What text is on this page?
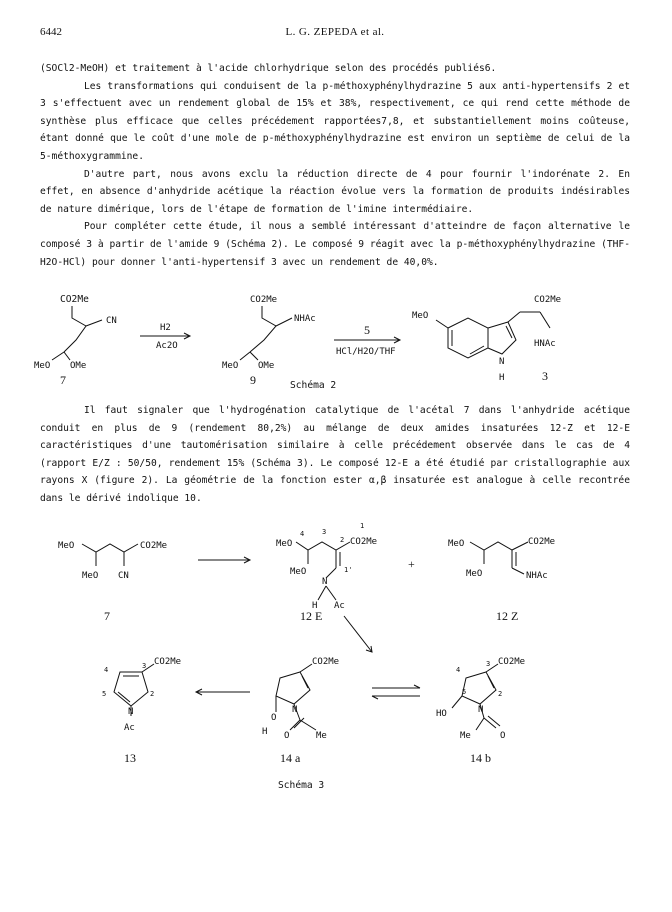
6442	L. G. ZEPEDA et al.

(SOCl2-MeOH) et traitement à l'acide chlorhydrique selon des procédés publiés6.

Les transformations qui conduisent de la p-méthoxyphénylhydrazine 5 aux anti-hypertensifs 2 et 3 s'effectuent avec un rendement global de 15% et 38%, respectivement, ce qui rend cette méthode de synthèse plus efficace que celles précédement rapportées7,8, et substantiellement moins coûteuse, étant donné que le coût d'une mole de p-méthoxyphénylhydrazine est environ un septième de celui de la 5-méthoxygrammine.

D'autre part, nous avons exclu la réduction directe de 4 pour fournir l'indorénate 2. En effet, en absence d'anhydride acétique la réaction évolue vers la formation de produits indésirables de nature dimérique, lors de l'étape de formation de l'imine intermédiaire.

Pour compléter cette étude, il nous a semblé intéressant d'atteindre de façon alternative le composé 3 à partir de l'amide 9 (Schéma 2). Le composé 9 réagit avec la p-méthoxyphénylhydrazine (THF-H2O-HCl) pour donner l'anti-hypertensif 3 avec un rendement de 40,0%.

CO2Me
CN
MeO OMe
7
H2
Ac2O
CO2Me
NHAc
MeO OMe
9
5
HCl/H2O/THF
MeO
CO2Me
HNAc
N
H	3
Schéma 2

Il faut signaler que l'hydrogénation catalytique de l'acétal 7 dans l'anhydride acétique conduit en plus de 9 (rendement 80,2%) au mélange de deux amides insaturées 12-Z et 12-E caractéristiques d'une tautomérisation similaire à celle précédement observée dans le cas de 4 (rapport E/Z : 50/50, rendement 15% (Schéma 3). Le composé 12-E a été étudié par cristallographie aux rayons X (figure 2). La géométrie de la fonction ester α,β insaturée est analogue à celle recontrée dans le dérivé indolique 10.

MeO	CO2Me
MeO CN
7
MeO
4	3
2
1
1'
CO2Me
MeO
N
H Ac
12 E
+
MeO	CO2Me
MeO	NHAc
12 Z
CO2Me
4	3
5	2
N
Ac
13
CO2Me
O
N
H O	Me
14 a
CO2Me
4
3
5	2
HO	N
Me	O
14 b
Schéma 3
